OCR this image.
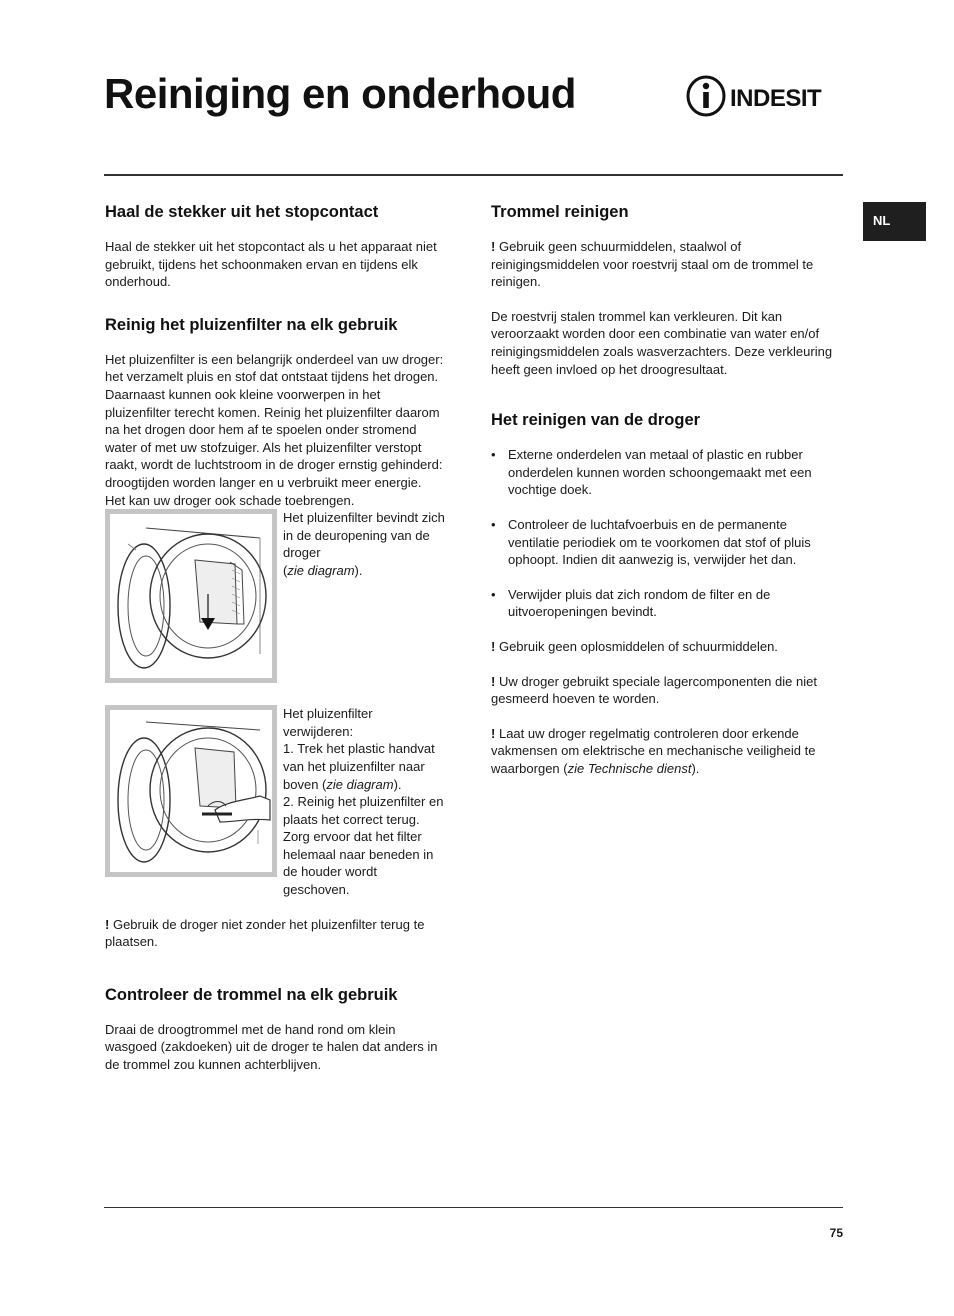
Reiniging en onderhoud	INDESIT
NL
Haal de stekker uit het stopcontact

Haal de stekker uit het stopcontact als u het apparaat niet gebruikt, tijdens het schoonmaken ervan en tijdens elk onderhoud.

Reinig het pluizenfilter na elk gebruik

Het pluizenfilter is een belangrijk onderdeel van uw droger: het verzamelt pluis en stof dat ontstaat tijdens het drogen. Daarnaast kunnen ook kleine voorwerpen in het pluizenfilter terecht komen. Reinig het pluizenfilter daarom na het drogen door hem af te spoelen onder stromend water of met uw stofzuiger. Als het pluizenfilter verstopt raakt, wordt de luchtstroom in de droger ernstig gehinderd: droogtijden worden langer en u verbruikt meer energie. Het kan uw droger ook schade toebrengen.

Het pluizenfilter bevindt zich in de deuropening van de droger
(zie diagram).
Het pluizenfilter verwijderen:
1. Trek het plastic handvat van het pluizenfilter naar boven (zie diagram).
2. Reinig het pluizenfilter en plaats het correct terug. Zorg ervoor dat het filter helemaal naar beneden in de houder wordt geschoven.

! Gebruik de droger niet zonder het pluizenfilter terug te plaatsen.

Controleer de trommel na elk gebruik

Draai de droogtrommel met de hand rond om klein wasgoed (zakdoeken) uit de droger te halen dat anders in de trommel zou kunnen achterblijven.

Trommel reinigen

! Gebruik geen schuurmiddelen, staalwol of reinigingsmiddelen voor roestvrij staal om de trommel te reinigen.

De roestvrij stalen trommel kan verkleuren. Dit kan veroorzaakt worden door een combinatie van water en/of reinigingsmiddelen zoals wasverzachters. Deze verkleuring heeft geen invloed op het droogresultaat.

Het reinigen van de droger

• Externe onderdelen van metaal of plastic en rubber onderdelen kunnen worden schoongemaakt met een vochtige doek.

• Controleer de luchtafvoerbuis en de permanente ventilatie periodiek om te voorkomen dat stof of pluis ophoopt. Indien dit aanwezig is, verwijder het dan.

• Verwijder pluis dat zich rondom de filter en de uitvoeropeningen bevindt.

! Gebruik geen oplosmiddelen of schuurmiddelen.

! Uw droger gebruikt speciale lagercomponenten die niet gesmeerd hoeven te worden.

! Laat uw droger regelmatig controleren door erkende vakmensen om elektrische en mechanische veiligheid te waarborgen (zie Technische dienst).

75
